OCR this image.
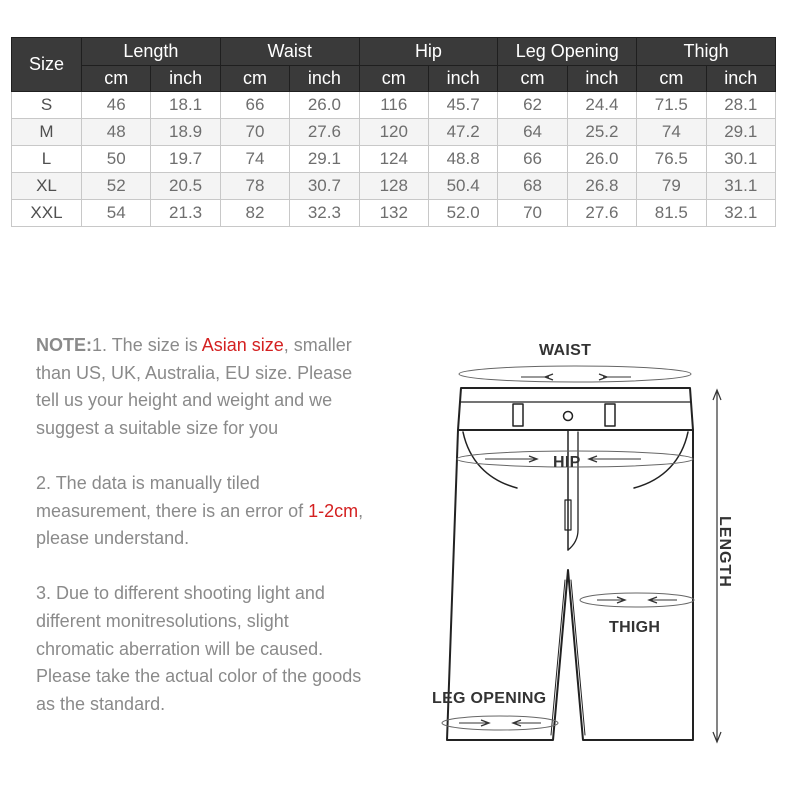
Size	Length		Waist		Hip		Leg Opening		Thigh	
	cm	inch	cm	inch	cm	inch	cm	inch	cm	inch
S	46	18.1	66	26.0	116	45.7	62	24.4	71.5	28.1
M	48	18.9	70	27.6	120	47.2	64	25.2	74	29.1
L	50	19.7	74	29.1	124	48.8	66	26.0	76.5	30.1
XL	52	20.5	78	30.7	128	50.4	68	26.8	79	31.1
XXL	54	21.3	82	32.3	132	52.0	70	27.6	81.5	32.1

NOTE:1. The size is Asian size, smaller than US, UK, Australia, EU size. Please tell us your height and weight and we suggest a suitable size for you

2. The data is manually tiled measurement, there is an error of 1-2cm, please understand.

3. Due to different shooting light and different monitresolutions, slight chromatic aberration will be caused. Please take the actual color of the goods as the standard.

WAIST
HIP
THIGH
LEG OPENING
LENGTH
